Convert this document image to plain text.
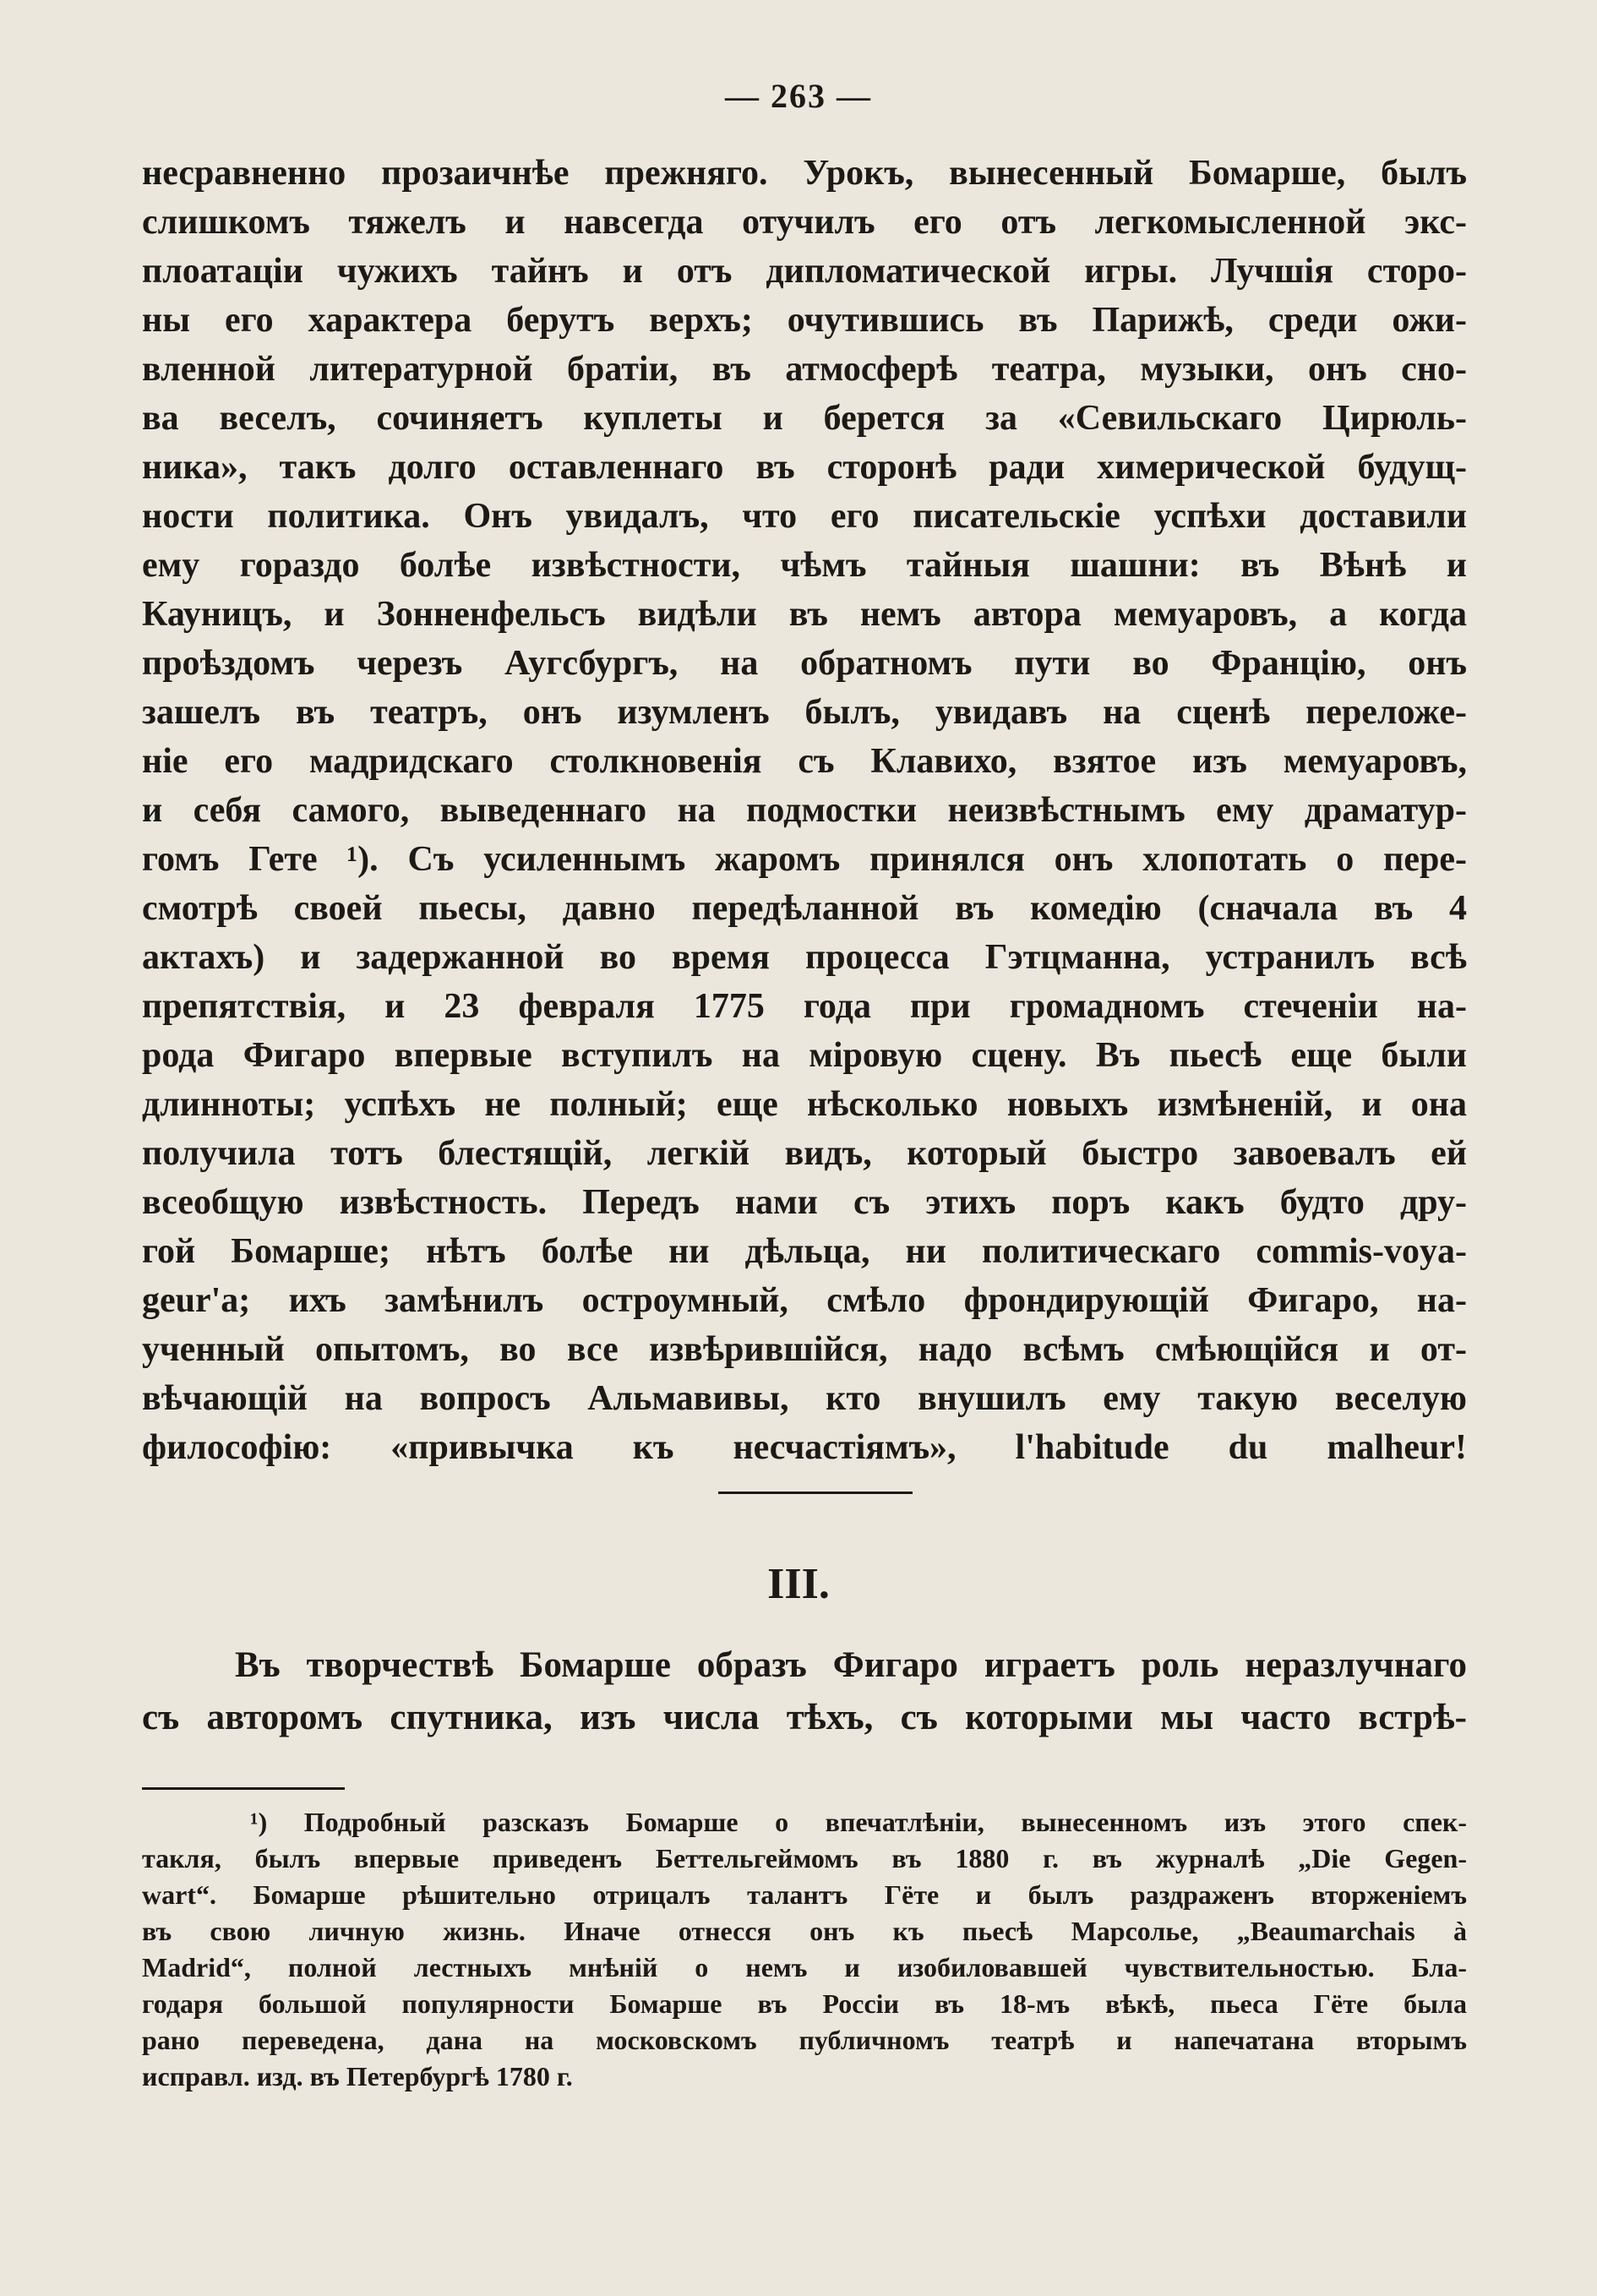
— 263 —
несравненно прозаичнѣе прежняго. Урокъ, вынесенный Бомарше, былъ
слишкомъ тяжелъ и навсегда отучилъ его отъ легкомысленной экс-
плоатаціи чужихъ тайнъ и отъ дипломатической игры. Лучшія сторо-
ны его характера берутъ верхъ; очутившись въ Парижѣ, среди ожи-
вленной литературной братіи, въ атмосферѣ театра, музыки, онъ сно-
ва веселъ, сочиняетъ куплеты и берется за «Севильскаго Цирюль-
ника», такъ долго оставленнаго въ сторонѣ ради химерической будущ-
ности политика. Онъ увидалъ, что его писательскіе успѣхи доставили
ему гораздо болѣе извѣстности, чѣмъ тайныя шашни: въ Вѣнѣ и
Кауницъ, и Зонненфельсъ видѣли въ немъ автора мемуаровъ, а когда
проѣздомъ черезъ Аугсбургъ, на обратномъ пути во Францію, онъ
зашелъ въ театръ, онъ изумленъ былъ, увидавъ на сценѣ переложе-
ніе его мадридскаго столкновенія съ Клавихо, взятое изъ мемуаровъ,
и себя самого, выведеннаго на подмостки неизвѣстнымъ ему драматур-
гомъ Гете ¹). Съ усиленнымъ жаромъ принялся онъ хлопотать о пере-
смотрѣ своей пьесы, давно передѣланной въ комедію (сначала въ 4
актахъ) и задержанной во время процесса Гэтцманна, устранилъ всѣ
препятствія, и 23 февраля 1775 года при громадномъ стеченіи на-
рода Фигаро впервые вступилъ на міровую сцену. Въ пьесѣ еще были
длинноты; успѣхъ не полный; еще нѣсколько новыхъ измѣненій, и она
получила тотъ блестящій, легкій видъ, который быстро завоевалъ ей
всеобщую извѣстность. Передъ нами съ этихъ поръ какъ будто дру-
гой Бомарше; нѣтъ болѣе ни дѣльца, ни политическаго commis-voya-
geur'а; ихъ замѣнилъ остроумный, смѣло фрондирующій Фигаро, на-
ученный опытомъ, во все извѣрившійся, надо всѣмъ смѣющійся и от-
вѣчающій на вопросъ Альмавивы, кто внушилъ ему такую веселую
философію: «привычка къ несчастіямъ», l'habitude du malheur!
III.
Въ творчествѣ Бомарше образъ Фигаро играетъ роль неразлучнаго
съ авторомъ спутника, изъ числа тѣхъ, съ которыми мы часто встрѣ-
¹) Подробный разсказъ Бомарше о впечатлѣніи, вынесенномъ изъ этого спек-
такля, былъ впервые приведенъ Беттельгеймомъ въ 1880 г. въ журналѣ „Die Gegen-
wart“. Бомарше рѣшительно отрицалъ талантъ Гёте и былъ раздраженъ вторженіемъ
въ свою личную жизнь. Иначе отнесся онъ къ пьесѣ Марсолье, „Beaumarchais à
Madrid“, полной лестныхъ мнѣній о немъ и изобиловавшей чувствительностью. Бла-
годаря большой популярности Бомарше въ Россіи въ 18-мъ вѣкѣ, пьеса Гёте была
рано переведена, дана на московскомъ публичномъ театрѣ и напечатана вторымъ
исправл. изд. въ Петербургѣ 1780 г.
